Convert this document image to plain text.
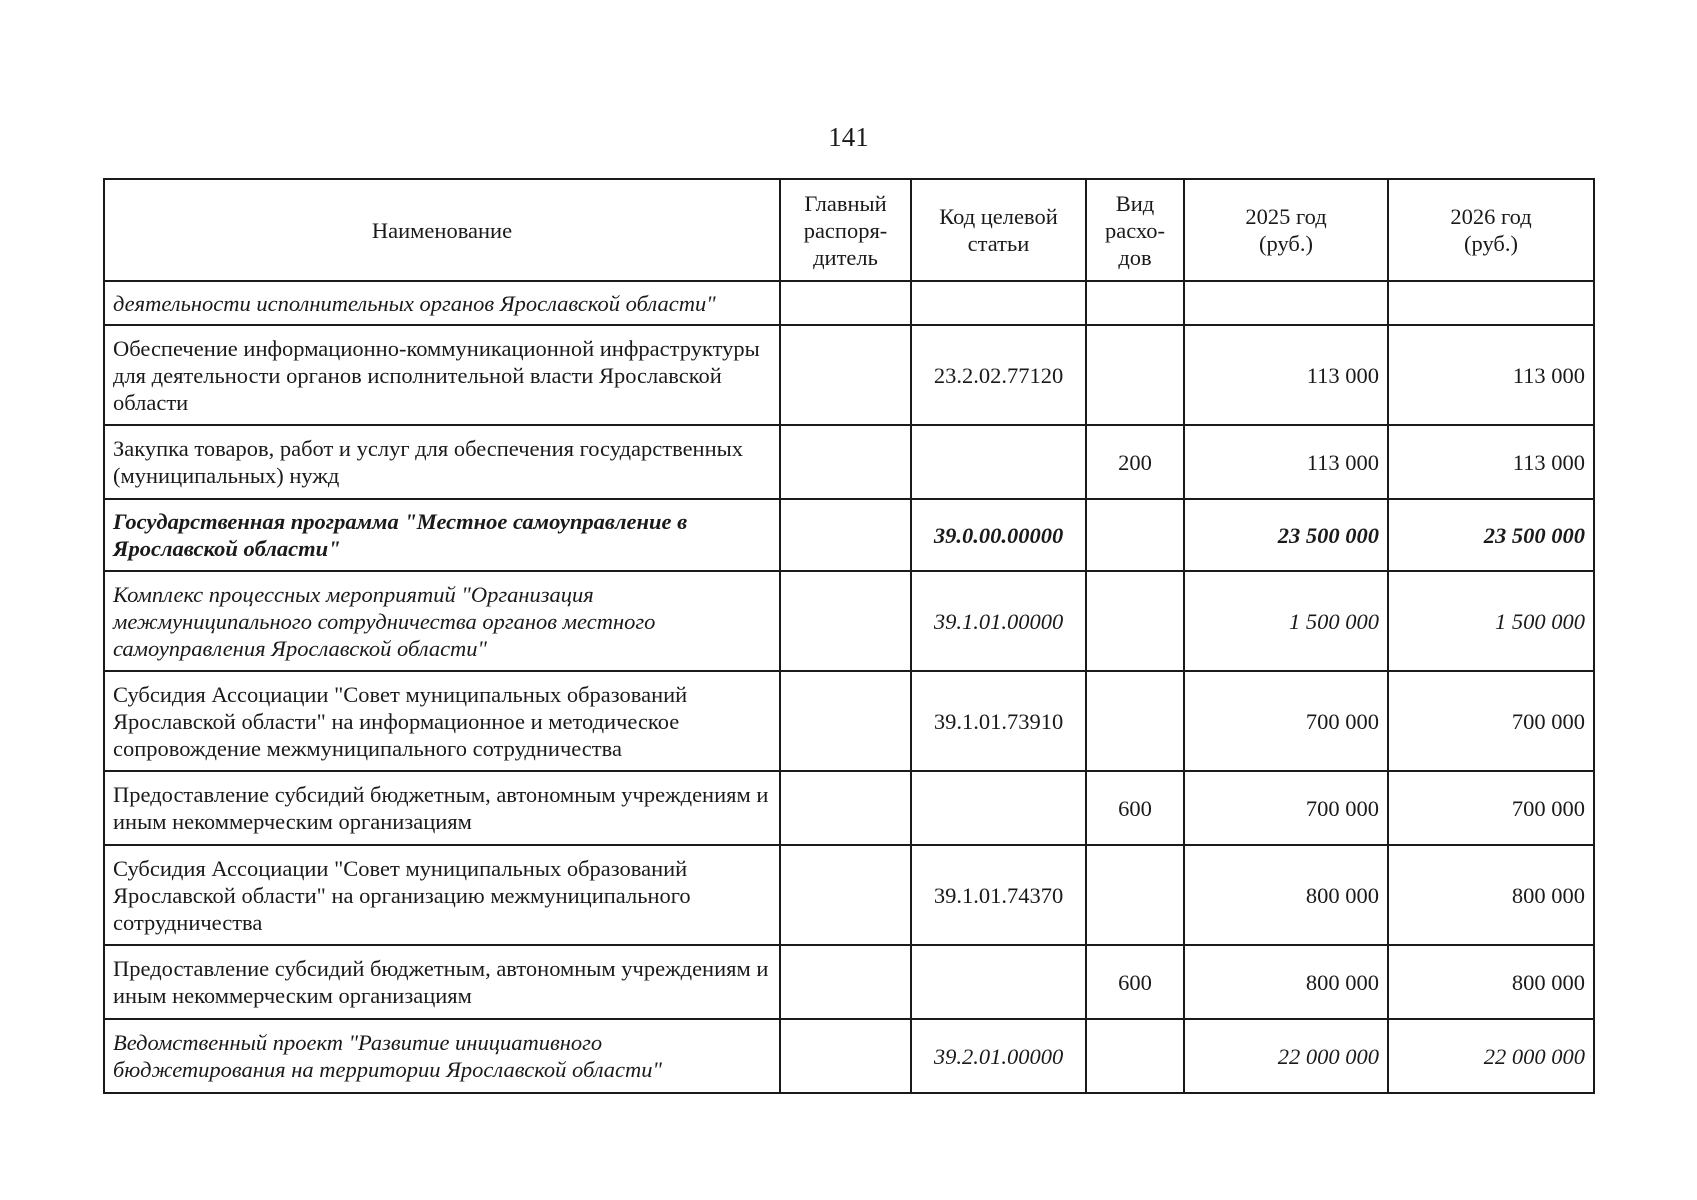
141
Наименование	Главный распоря-дитель	Код целевой статьи	Вид расхо-дов	2025 год (руб.)	2026 год (руб.)
деятельности исполнительных органов Ярославской области"					
Обеспечение информационно-коммуникационной инфраструктуры для деятельности органов исполнительной власти Ярославской области		23.2.02.77120		113 000	113 000
Закупка товаров, работ и услуг для обеспечения государственных (муниципальных) нужд			200	113 000	113 000
Государственная программа "Местное самоуправление в Ярославской области"		39.0.00.00000		23 500 000	23 500 000
Комплекс процессных мероприятий "Организация межмуниципального сотрудничества органов местного самоуправления Ярославской области"		39.1.01.00000		1 500 000	1 500 000
Субсидия Ассоциации "Совет муниципальных образований Ярославской области" на информационное и методическое сопровождение межмуниципального сотрудничества		39.1.01.73910		700 000	700 000
Предоставление субсидий бюджетным, автономным учреждениям и иным некоммерческим организациям			600	700 000	700 000
Субсидия Ассоциации "Совет муниципальных образований Ярославской области" на организацию межмуниципального сотрудничества		39.1.01.74370		800 000	800 000
Предоставление субсидий бюджетным, автономным учреждениям и иным некоммерческим организациям			600	800 000	800 000
Ведомственный проект "Развитие инициативного бюджетирования на территории Ярославской области"		39.2.01.00000		22 000 000	22 000 000
